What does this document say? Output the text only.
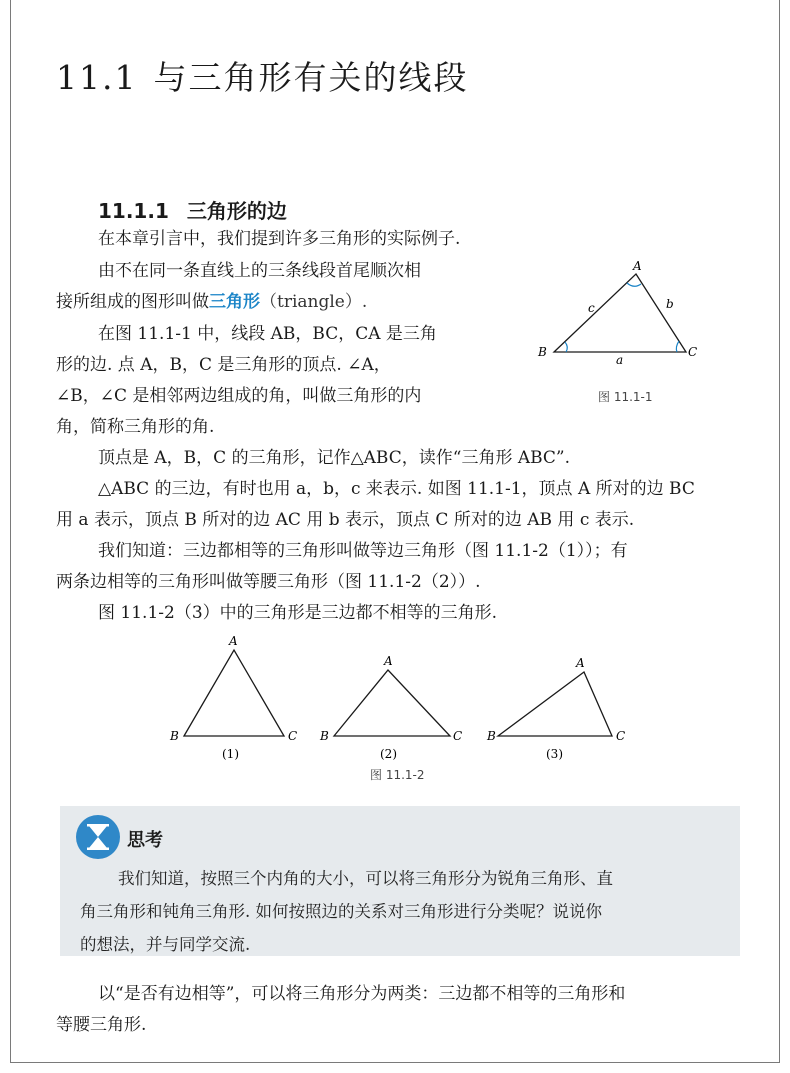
11.1 与三角形有关的线段
11.1.1 三角形的边
在本章引言中，我们提到许多三角形的实际例子.
由不在同一条直线上的三条线段首尾顺次相
接所组成的图形叫做三角形（triangle）.
在图 11.1-1 中，线段 AB，BC，CA 是三角
形的边. 点 A，B，C 是三角形的顶点. ∠A，
∠B，∠C 是相邻两边组成的角，叫做三角形的内
角，简称三角形的角.
A
B	C
a
b
c
图 11.1-1
顶点是 A，B，C 的三角形，记作△ABC，读作“三角形 ABC”.
△ABC 的三边，有时也用 a，b，c 来表示. 如图 11.1-1，顶点 A 所对的边 BC
用 a 表示，顶点 B 所对的边 AC 用 b 表示，顶点 C 所对的边 AB 用 c 表示.
我们知道：三边都相等的三角形叫做等边三角形（图 11.1-2（1））；有
两条边相等的三角形叫做等腰三角形（图 11.1-2（2））.
图 11.1-2（3）中的三角形是三边都不相等的三角形.
A
B	C
(1)
A
B	C
(2)
A
B	C
(3)
图 11.1-2
思考
我们知道，按照三个内角的大小，可以将三角形分为锐角三角形、直
角三角形和钝角三角形. 如何按照边的关系对三角形进行分类呢？说说你
的想法，并与同学交流.
以“是否有边相等”，可以将三角形分为两类：三边都不相等的三角形和
等腰三角形.
